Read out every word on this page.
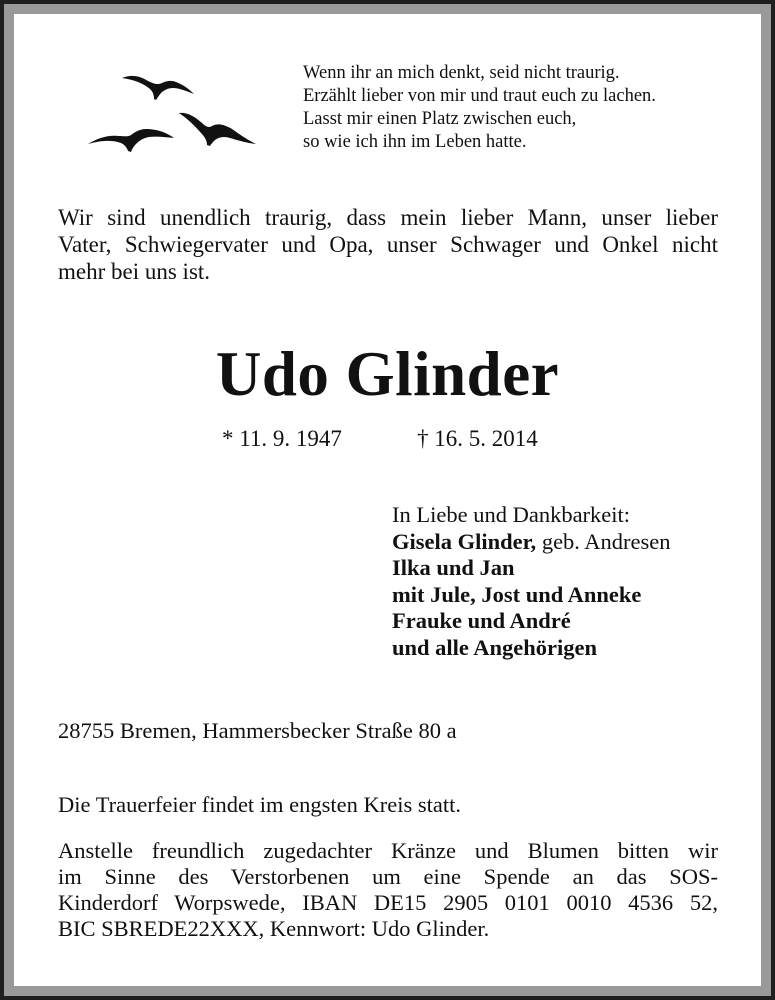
Wenn ihr an mich denkt, seid nicht traurig.
Erzählt lieber von mir und traut euch zu lachen.
Lasst mir einen Platz zwischen euch,
so wie ich ihn im Leben hatte.
Wir sind unendlich traurig, dass mein lieber Mann, unser lieber
Vater, Schwiegervater und Opa, unser Schwager und Onkel nicht
mehr bei uns ist.
Udo Glinder
* 11. 9. 1947	† 16. 5. 2014
In Liebe und Dankbarkeit:
Gisela Glinder, geb. Andresen
Ilka und Jan
mit Jule, Jost und Anneke
Frauke und André
und alle Angehörigen
28755 Bremen, Hammersbecker Straße 80 a
Die Trauerfeier findet im engsten Kreis statt.
Anstelle freundlich zugedachter Kränze und Blumen bitten wir
im Sinne des Verstorbenen um eine Spende an das SOS-
Kinderdorf Worpswede, IBAN DE15 2905 0101 0010 4536 52,
BIC SBREDE22XXX, Kennwort: Udo Glinder.
